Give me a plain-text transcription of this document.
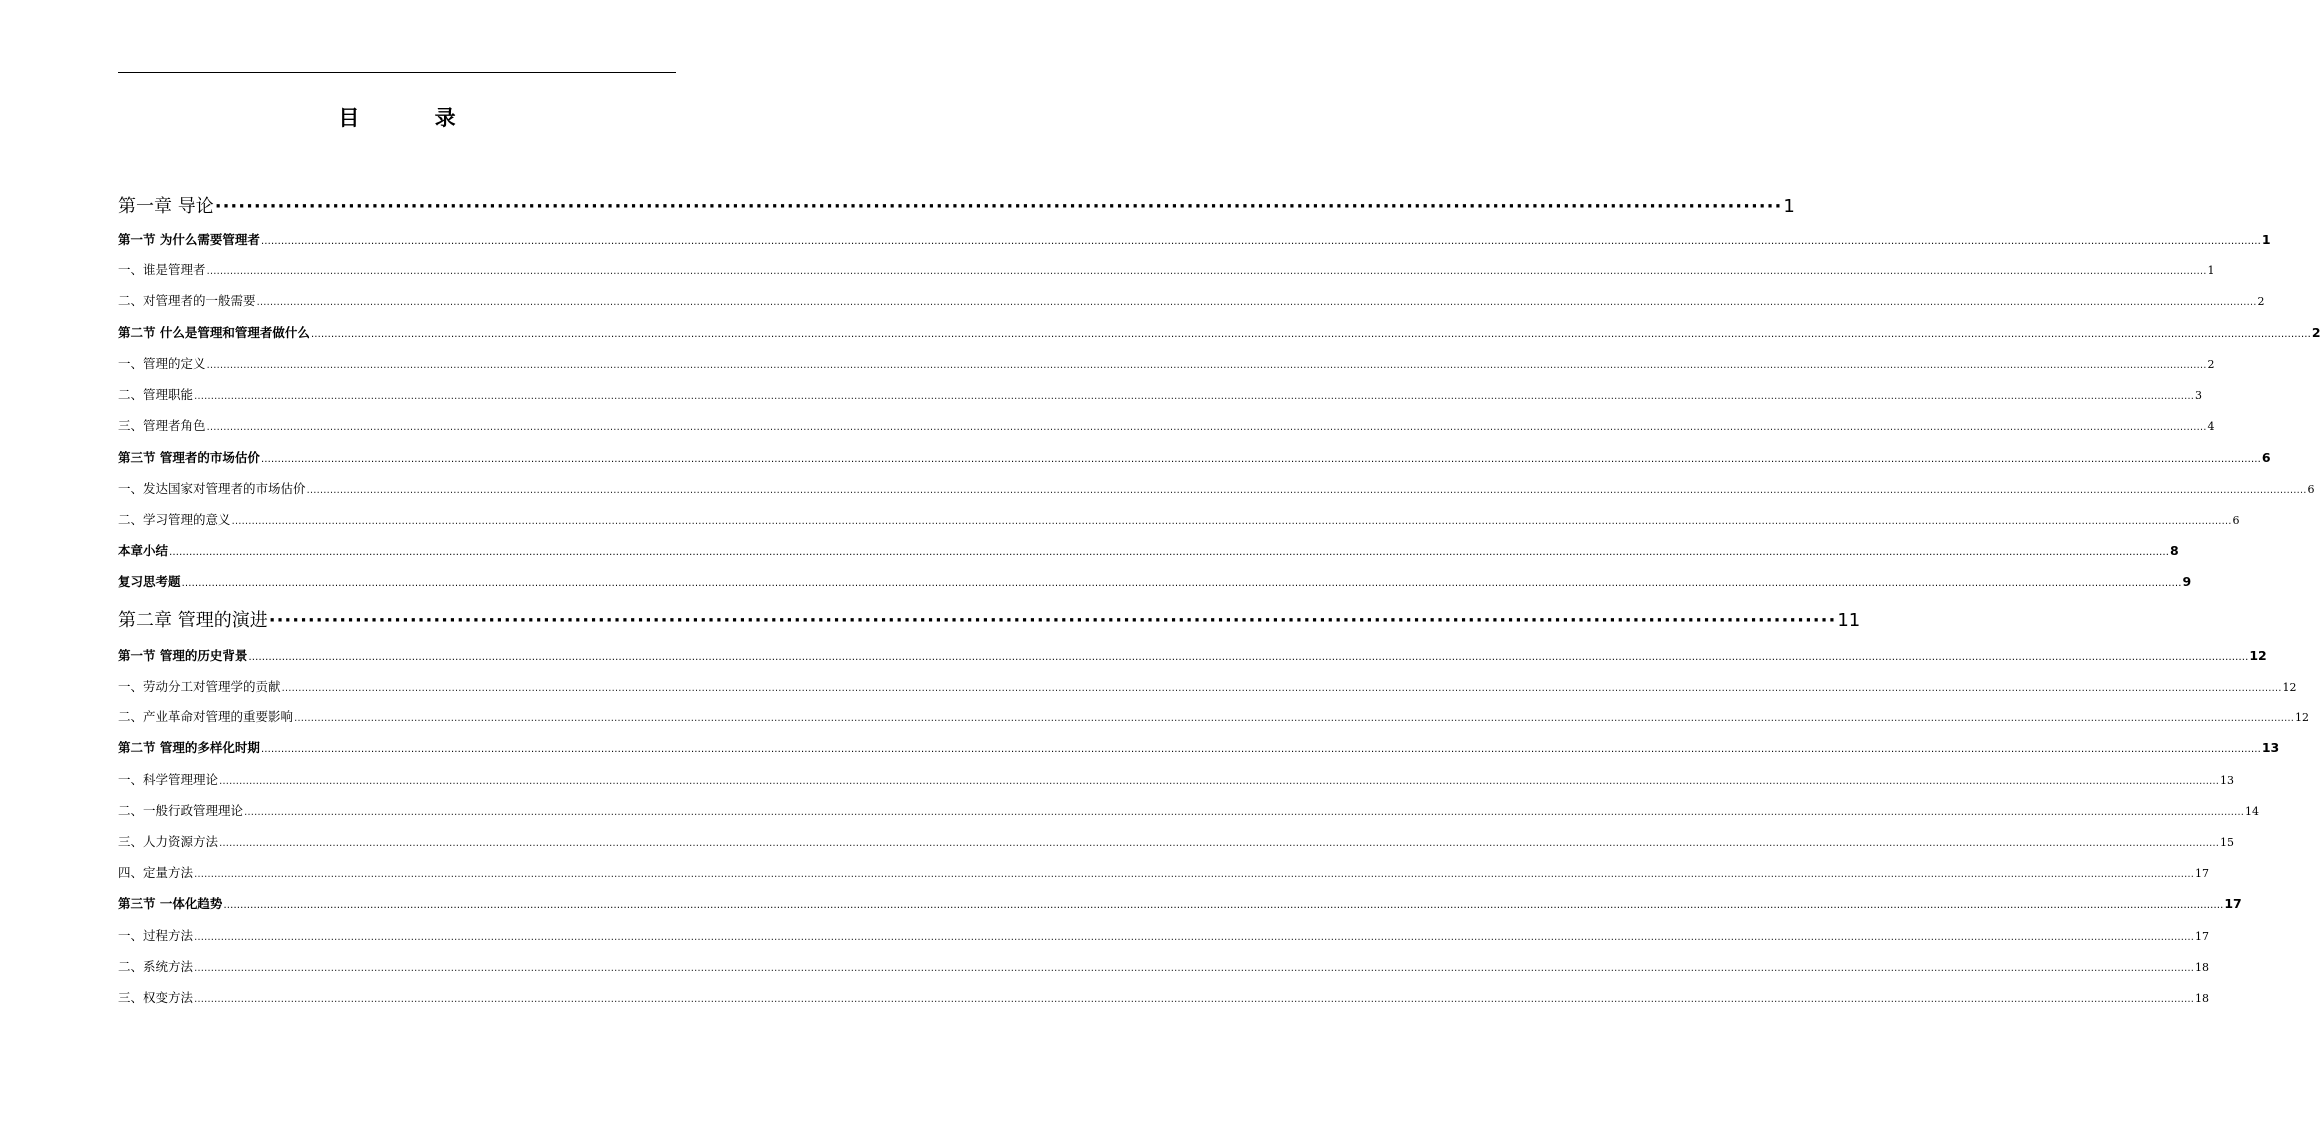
目 录
第一章 导论 ········································································································································································································ 1
第一节 为什么需要管理者 …………………………………………………………………………………………………………………………………………………………………………………………………………………………………………………………………………………………………………………………………………………………………………………………………………………………………………………………………………………………………………………………………………………… 1
一、谁是管理者 …………………………………………………………………………………………………………………………………………………………………………………………………………………………………………………………………………………………………………………………………………………………………………………………………………………………………………………………………………………………………………………………………………………… 1
二、对管理者的一般需要 …………………………………………………………………………………………………………………………………………………………………………………………………………………………………………………………………………………………………………………………………………………………………………………………………………………………………………………………………………………………………………………………………………………… 2
第二节 什么是管理和管理者做什么 …………………………………………………………………………………………………………………………………………………………………………………………………………………………………………………………………………………………………………………………………………………………………………………………………………………………………………………………………………………………………………………………………………………… 2
一、管理的定义 …………………………………………………………………………………………………………………………………………………………………………………………………………………………………………………………………………………………………………………………………………………………………………………………………………………………………………………………………………………………………………………………………………………… 2
二、管理职能 …………………………………………………………………………………………………………………………………………………………………………………………………………………………………………………………………………………………………………………………………………………………………………………………………………………………………………………………………………………………………………………………………………………… 3
三、管理者角色 …………………………………………………………………………………………………………………………………………………………………………………………………………………………………………………………………………………………………………………………………………………………………………………………………………………………………………………………………………………………………………………………………………………… 4
第三节 管理者的市场估价 …………………………………………………………………………………………………………………………………………………………………………………………………………………………………………………………………………………………………………………………………………………………………………………………………………………………………………………………………………………………………………………………………………………… 6
一、发达国家对管理者的市场估价 …………………………………………………………………………………………………………………………………………………………………………………………………………………………………………………………………………………………………………………………………………………………………………………………………………………………………………………………………………………………………………………………………………………… 6
二、学习管理的意义 …………………………………………………………………………………………………………………………………………………………………………………………………………………………………………………………………………………………………………………………………………………………………………………………………………………………………………………………………………………………………………………………………………………… 6
本章小结 …………………………………………………………………………………………………………………………………………………………………………………………………………………………………………………………………………………………………………………………………………………………………………………………………………………………………………………………………………………………………………………………………………………… 8
复习思考题 …………………………………………………………………………………………………………………………………………………………………………………………………………………………………………………………………………………………………………………………………………………………………………………………………………………………………………………………………………………………………………………………………………………… 9
第二章 管理的演进 ········································································································································································································ 11
第一节 管理的历史背景 …………………………………………………………………………………………………………………………………………………………………………………………………………………………………………………………………………………………………………………………………………………………………………………………………………………………………………………………………………………………………………………………………………………… 12
一、劳动分工对管理学的贡献 …………………………………………………………………………………………………………………………………………………………………………………………………………………………………………………………………………………………………………………………………………………………………………………………………………………………………………………………………………………………………………………………………………………… 12
二、产业革命对管理的重要影响 …………………………………………………………………………………………………………………………………………………………………………………………………………………………………………………………………………………………………………………………………………………………………………………………………………………………………………………………………………………………………………………………………………………… 12
第二节 管理的多样化时期 …………………………………………………………………………………………………………………………………………………………………………………………………………………………………………………………………………………………………………………………………………………………………………………………………………………………………………………………………………………………………………………………………………………… 13
一、科学管理理论 …………………………………………………………………………………………………………………………………………………………………………………………………………………………………………………………………………………………………………………………………………………………………………………………………………………………………………………………………………………………………………………………………………………… 13
二、一般行政管理理论 …………………………………………………………………………………………………………………………………………………………………………………………………………………………………………………………………………………………………………………………………………………………………………………………………………………………………………………………………………………………………………………………………………………… 14
三、人力资源方法 …………………………………………………………………………………………………………………………………………………………………………………………………………………………………………………………………………………………………………………………………………………………………………………………………………………………………………………………………………………………………………………………………………………… 15
四、定量方法 …………………………………………………………………………………………………………………………………………………………………………………………………………………………………………………………………………………………………………………………………………………………………………………………………………………………………………………………………………………………………………………………………………………… 17
第三节 一体化趋势 …………………………………………………………………………………………………………………………………………………………………………………………………………………………………………………………………………………………………………………………………………………………………………………………………………………………………………………………………………………………………………………………………………………… 17
一、过程方法 …………………………………………………………………………………………………………………………………………………………………………………………………………………………………………………………………………………………………………………………………………………………………………………………………………………………………………………………………………………………………………………………………………………… 17
二、系统方法 …………………………………………………………………………………………………………………………………………………………………………………………………………………………………………………………………………………………………………………………………………………………………………………………………………………………………………………………………………………………………………………………………………………… 18
三、权变方法 …………………………………………………………………………………………………………………………………………………………………………………………………………………………………………………………………………………………………………………………………………………………………………………………………………………………………………………………………………………………………………………………………………………… 18
